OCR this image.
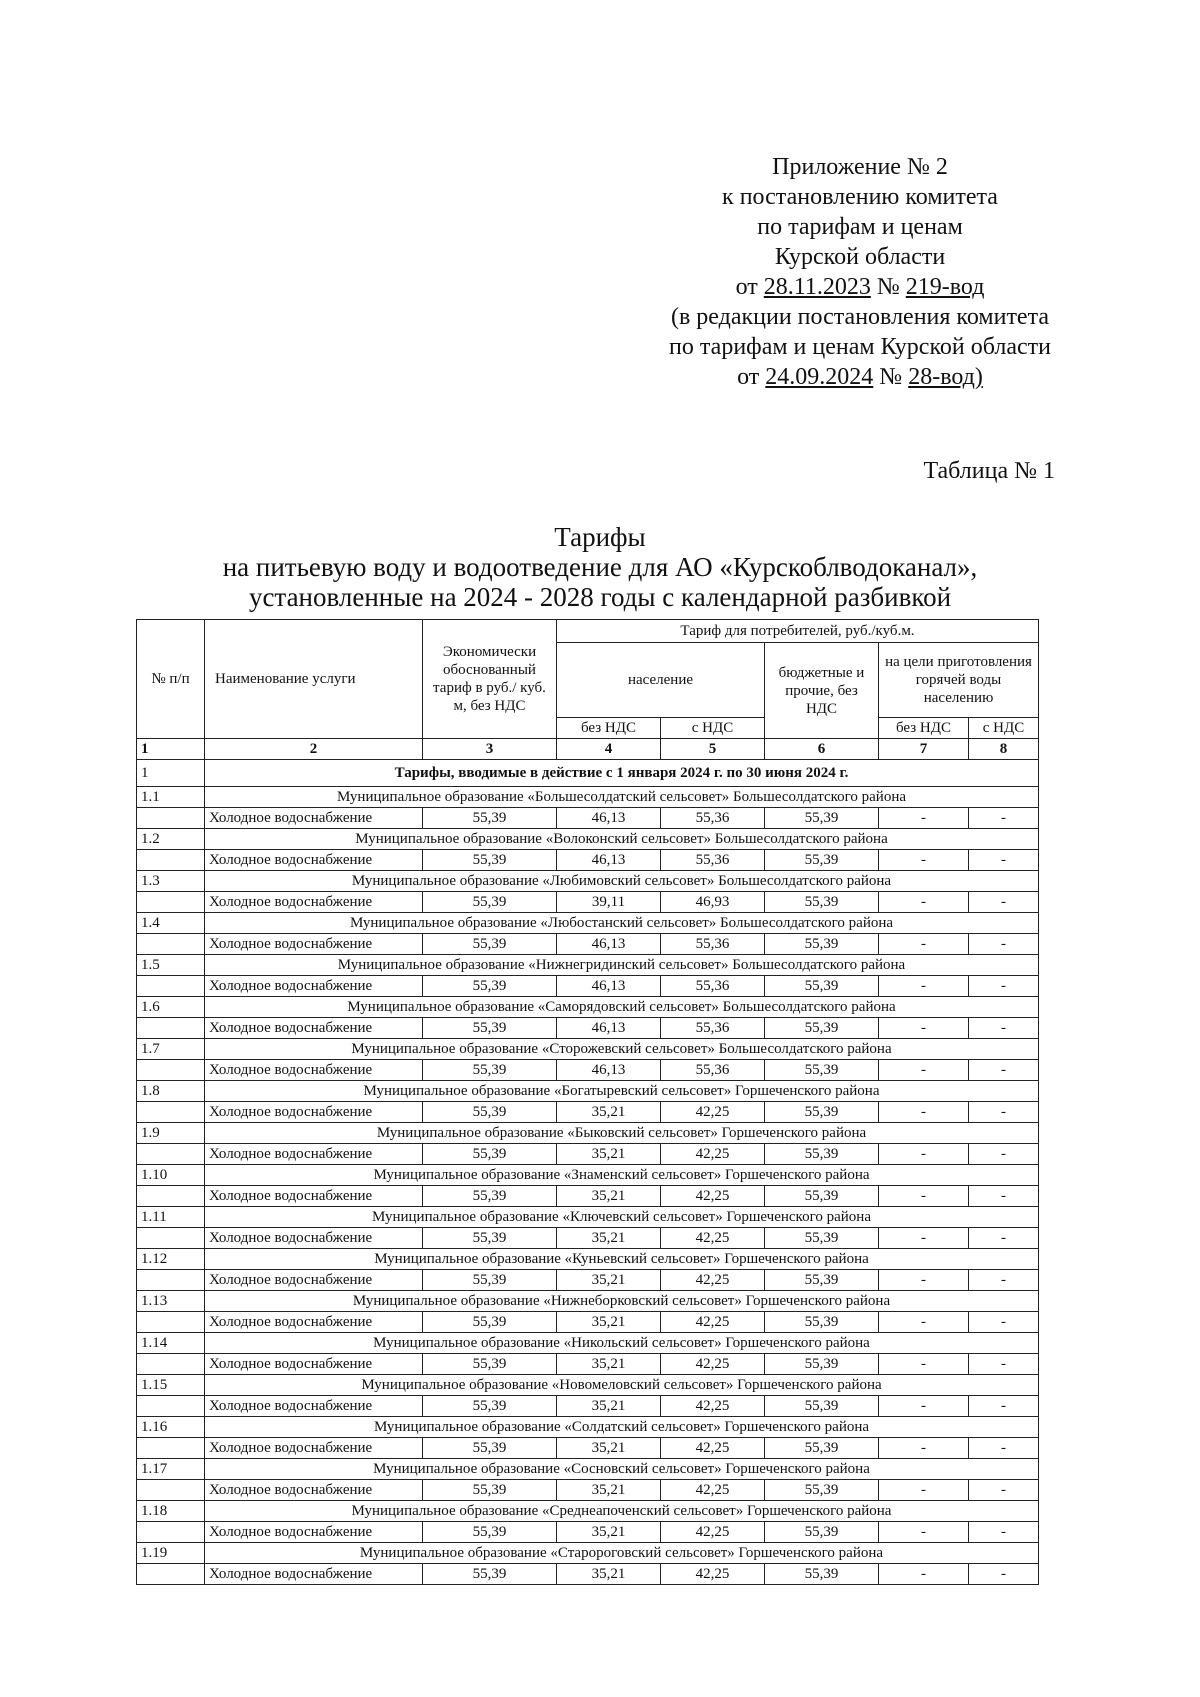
Приложение № 2
к постановлению комитета
по тарифам и ценам
Курской области
от 28.11.2023 № 219-вод
(в редакции постановления комитета
по тарифам и ценам Курской области
от 24.09.2024 № 28-вод)
Таблица № 1
Тарифы
на питьевую воду и водоотведение для АО «Курскоблводоканал»,
установленные на 2024 - 2028 годы с календарной разбивкой
№ п/п	Наименование услуги	Экономически обоснованный тариф в руб./ куб. м, без НДС	Тариф для потребителей, руб./куб.м.				
			население		бюджетные и прочие, без НДС	на цели приготовления горячей воды населению	
			без НДС	с НДС		без НДС	с НДС
1	2	3	4	5	6	7	8
1	Тарифы, вводимые в действие с 1 января 2024 г. по 30 июня 2024 г.						
1.1	Муниципальное образование «Большесолдатский сельсовет» Большесолдатского района						
	Холодное водоснабжение	55,39	46,13	55,36	55,39	-	-
1.2	Муниципальное образование «Волоконский сельсовет» Большесолдатского района						
	Холодное водоснабжение	55,39	46,13	55,36	55,39	-	-
1.3	Муниципальное образование «Любимовский сельсовет» Большесолдатского района						
	Холодное водоснабжение	55,39	39,11	46,93	55,39	-	-
1.4	Муниципальное образование «Любостанский сельсовет» Большесолдатского района						
	Холодное водоснабжение	55,39	46,13	55,36	55,39	-	-
1.5	Муниципальное образование «Нижнегридинский сельсовет» Большесолдатского района						
	Холодное водоснабжение	55,39	46,13	55,36	55,39	-	-
1.6	Муниципальное образование «Саморядовский сельсовет» Большесолдатского района						
	Холодное водоснабжение	55,39	46,13	55,36	55,39	-	-
1.7	Муниципальное образование «Сторожевский сельсовет» Большесолдатского района						
	Холодное водоснабжение	55,39	46,13	55,36	55,39	-	-
1.8	Муниципальное образование «Богатыревский сельсовет» Горшеченского района						
	Холодное водоснабжение	55,39	35,21	42,25	55,39	-	-
1.9	Муниципальное образование «Быковский сельсовет» Горшеченского района						
	Холодное водоснабжение	55,39	35,21	42,25	55,39	-	-
1.10	Муниципальное образование «Знаменский сельсовет» Горшеченского района						
	Холодное водоснабжение	55,39	35,21	42,25	55,39	-	-
1.11	Муниципальное образование «Ключевский сельсовет» Горшеченского района						
	Холодное водоснабжение	55,39	35,21	42,25	55,39	-	-
1.12	Муниципальное образование «Куньевский сельсовет» Горшеченского района						
	Холодное водоснабжение	55,39	35,21	42,25	55,39	-	-
1.13	Муниципальное образование «Нижнеборковский сельсовет» Горшеченского района						
	Холодное водоснабжение	55,39	35,21	42,25	55,39	-	-
1.14	Муниципальное образование «Никольский сельсовет» Горшеченского района						
	Холодное водоснабжение	55,39	35,21	42,25	55,39	-	-
1.15	Муниципальное образование «Новомеловский сельсовет» Горшеченского района						
	Холодное водоснабжение	55,39	35,21	42,25	55,39	-	-
1.16	Муниципальное образование «Солдатский сельсовет» Горшеченского района						
	Холодное водоснабжение	55,39	35,21	42,25	55,39	-	-
1.17	Муниципальное образование «Сосновский сельсовет» Горшеченского района						
	Холодное водоснабжение	55,39	35,21	42,25	55,39	-	-
1.18	Муниципальное образование «Среднеапоченский сельсовет» Горшеченского района						
	Холодное водоснабжение	55,39	35,21	42,25	55,39	-	-
1.19	Муниципальное образование «Старороговский сельсовет» Горшеченского района						
	Холодное водоснабжение	55,39	35,21	42,25	55,39	-	-
